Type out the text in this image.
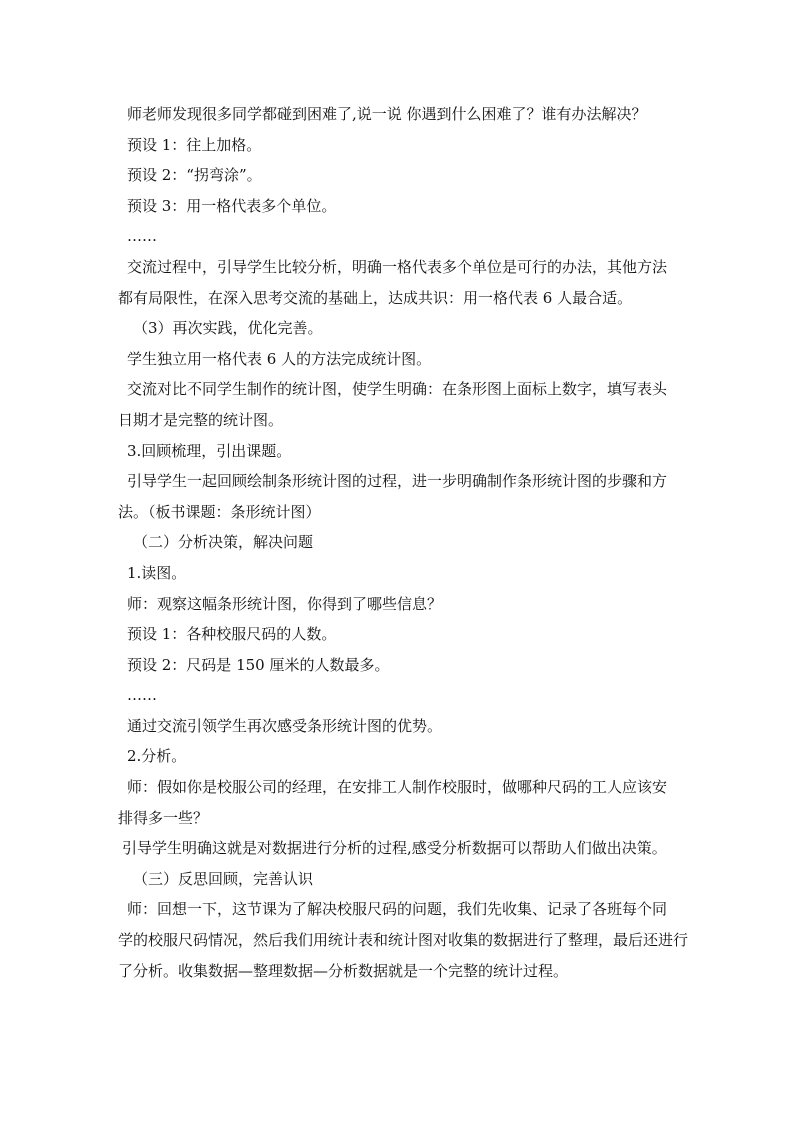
师老师发现很多同学都碰到困难了,说一说 你遇到什么困难了？谁有办法解决？
预设 1：往上加格。
预设 2：“拐弯涂”。
预设 3：用一格代表多个单位。
……
交流过程中，引导学生比较分析，明确一格代表多个单位是可行的办法，其他方法
都有局限性，在深入思考交流的基础上，达成共识：用一格代表 6 人最合适。
（3）再次实践，优化完善。
学生独立用一格代表 6 人的方法完成统计图。
交流对比不同学生制作的统计图，使学生明确：在条形图上面标上数字，填写表头
日期才是完整的统计图。
3.回顾梳理，引出课题。
引导学生一起回顾绘制条形统计图的过程，进一步明确制作条形统计图的步骤和方
法。（板书课题：条形统计图）
（二）分析决策，解决问题
1.读图。
师：观察这幅条形统计图，你得到了哪些信息？
预设 1：各种校服尺码的人数。
预设 2：尺码是 150 厘米的人数最多。
……
通过交流引领学生再次感受条形统计图的优势。
2.分析。
师：假如你是校服公司的经理，在安排工人制作校服时，做哪种尺码的工人应该安
排得多一些？
引导学生明确这就是对数据进行分析的过程,感受分析数据可以帮助人们做出决策。
（三）反思回顾，完善认识
师：回想一下，这节课为了解决校服尺码的问题，我们先收集、记录了各班每个同
学的校服尺码情况，然后我们用统计表和统计图对收集的数据进行了整理，最后还进行
了分析。收集数据—整理数据—分析数据就是一个完整的统计过程。
